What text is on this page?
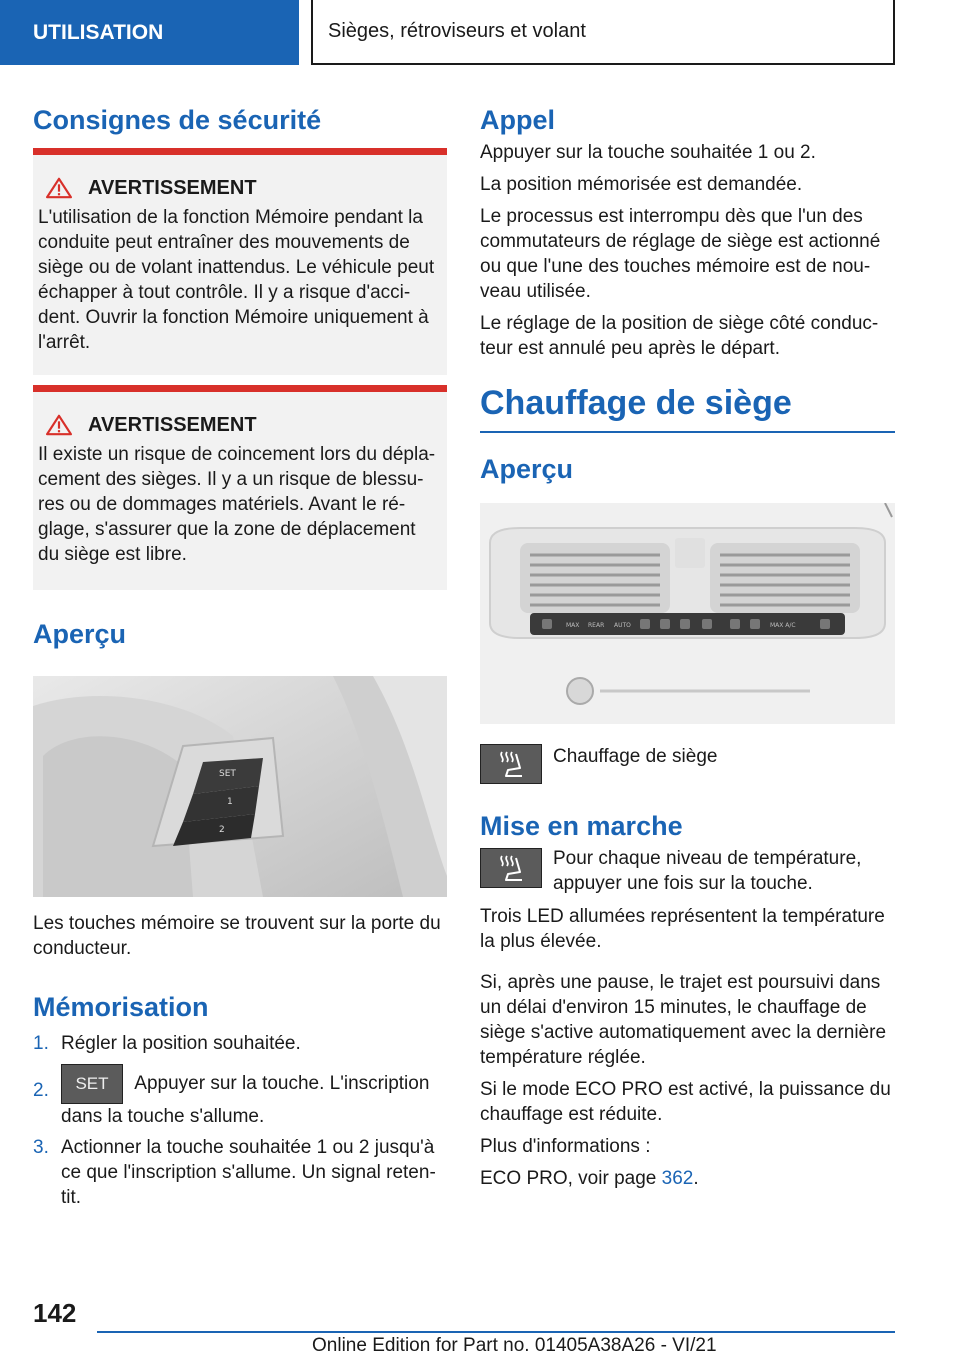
UTILISATION	Sièges, rétroviseurs et volant
Consignes de sécurité
AVERTISSEMENT

L'utilisation de la fonction Mémoire pendant la conduite peut entraîner des mouvements de siège ou de volant inattendus. Le véhicule peut échapper à tout contrôle. Il y a risque d'acci-dent. Ouvrir la fonction Mémoire uniquement à l'arrêt.

AVERTISSEMENT

Il existe un risque de coincement lors du dépla-cement des sièges. Il y a un risque de blessu-res ou de dommages matériels. Avant le ré-glage, s'assurer que la zone de déplacement du siège est libre.

Aperçu
SET
1
2

Les touches mémoire se trouvent sur la porte du conducteur.

Mémorisation
1. Régler la position souhaitée.
2.	SET Appuyer sur la touche. L'inscription dans la touche s'allume.
3. Actionner la touche souhaitée 1 ou 2 jusqu'à ce que l'inscription s'allume. Un signal reten-tit.
Appel

Appuyer sur la touche souhaitée 1 ou 2.

La position mémorisée est demandée.

Le processus est interrompu dès que l'un des commutateurs de réglage de siège est actionné ou que l'une des touches mémoire est de nou-veau utilisée.

Le réglage de la position de siège côté conduc-teur est annulé peu après le départ.

Chauffage de siège
Aperçu
MAX REAR AUTO	MAX A/C

Chauffage de siège

Mise en marche

Pour chaque niveau de température, appuyer une fois sur la touche.

Trois LED allumées représentent la température la plus élevée.

Si, après une pause, le trajet est poursuivi dans un délai d'environ 15 minutes, le chauffage de siège s'active automatiquement avec la dernière température réglée.

Si le mode ECO PRO est activé, la puissance du chauffage est réduite.

Plus d'informations :

ECO PRO, voir page 362.

142
Online Edition for Part no. 01405A38A26 - VI/21
